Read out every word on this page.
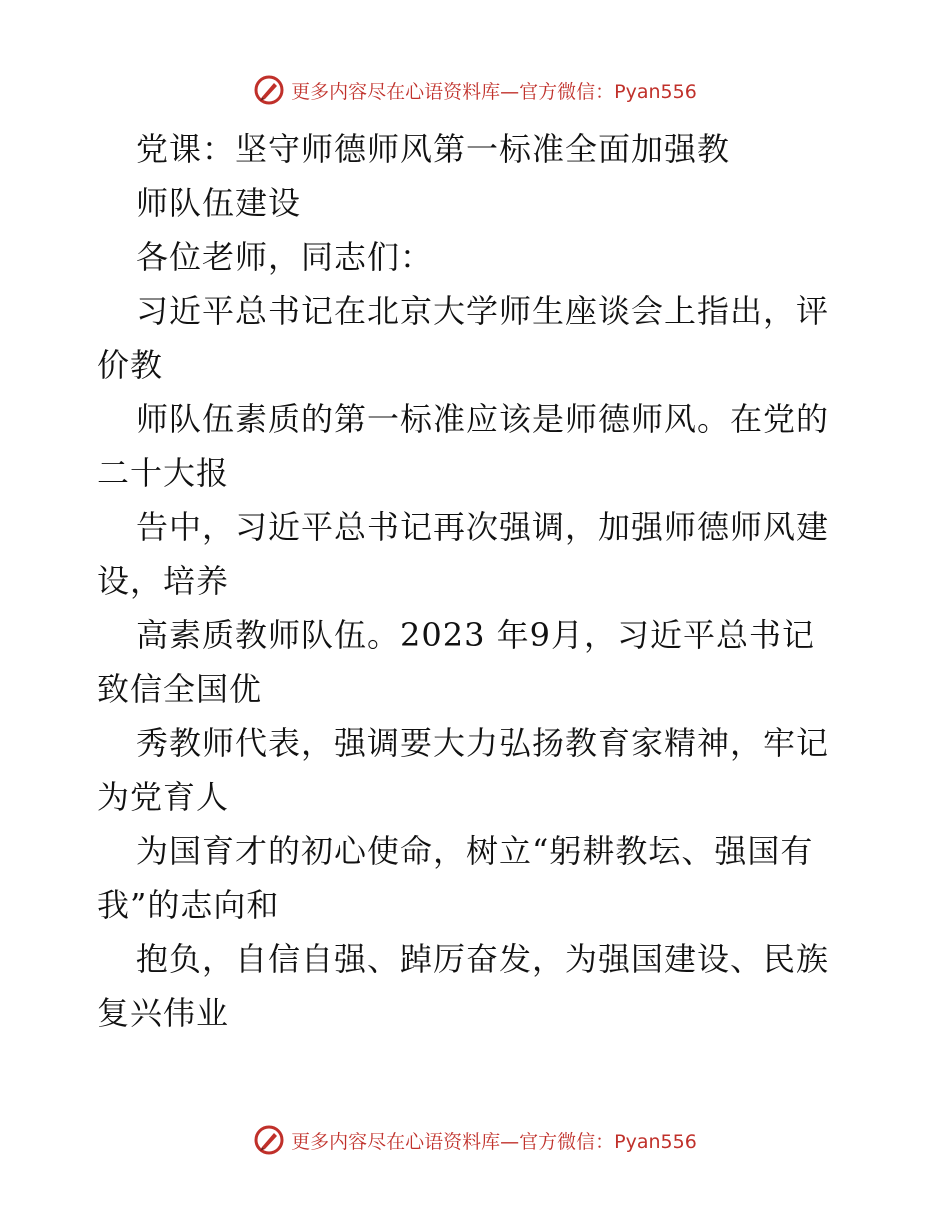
更多内容尽在心语资料库—官方微信：Pyan556
党课：坚守师德师风第一标准全面加强教
师队伍建设
各位老师，同志们：
习近平总书记在北京大学师生座谈会上指出，评
价教
师队伍素质的第一标准应该是师德师风。在党的
二十大报
告中，习近平总书记再次强调，加强师德师风建
设，培养
高素质教师队伍。2023 年9月，习近平总书记
致信全国优
秀教师代表，强调要大力弘扬教育家精神，牢记
为党育人
为国育才的初心使命，树立“躬耕教坛、强国有
我”的志向和
抱负，自信自强、踔厉奋发，为强国建设、民族
复兴伟业
更多内容尽在心语资料库—官方微信：Pyan556
